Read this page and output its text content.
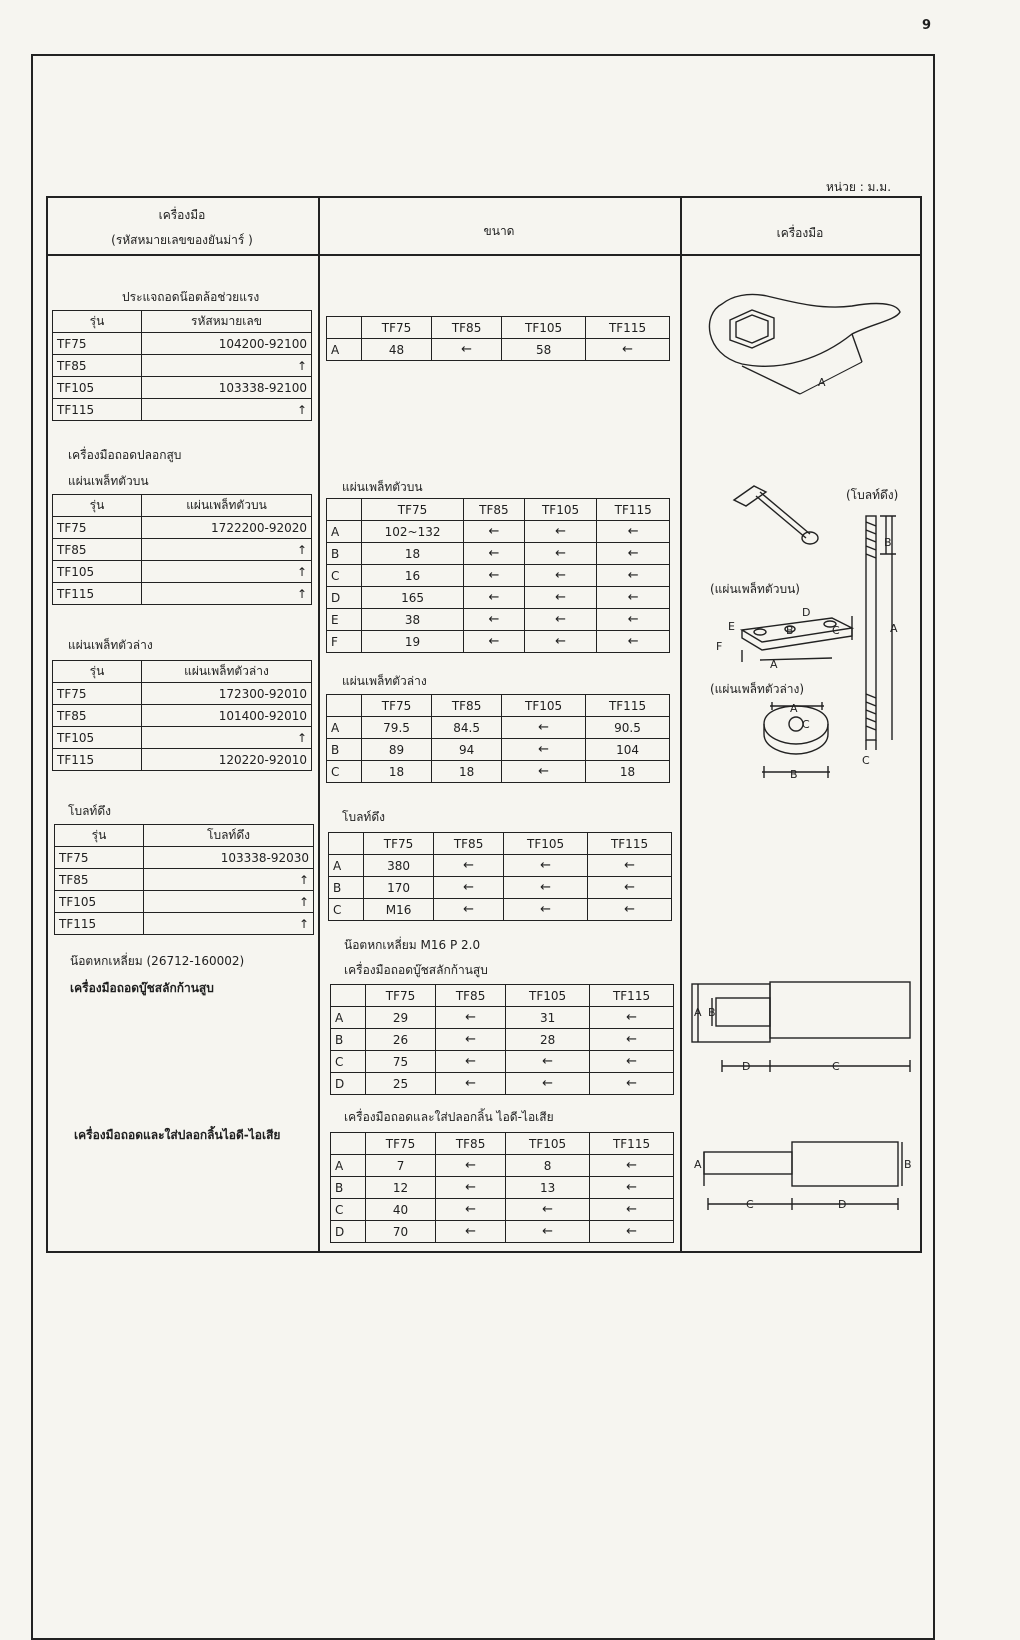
9
หน่วย : ม.ม.
เครื่องมือ
(รหัสหมายเลขของยันม่าร์ )
ขนาด	เครื่องมือ
ประแจถอดน๊อตล้อช่วยแรง
รุ่น	รหัสหมายเลข
TF75	104200-92100
TF85	↑
TF105	103338-92100
TF115	↑
เครื่องมือถอดปลอกสูบ
แผ่นเพล็ทตัวบน
รุ่น	แผ่นเพล็ทตัวบน
TF75	1722200-92020
TF85	↑
TF105	↑
TF115	↑
แผ่นเพล็ทตัวล่าง
รุ่น	แผ่นเพล็ทตัวล่าง
TF75	172300-92010
TF85	101400-92010
TF105	↑
TF115	120220-92010
โบลท์ดึง
รุ่น	โบลท์ดึง
TF75	103338-92030
TF85	↑
TF105	↑
TF115	↑
น๊อตหกเหลี่ยม (26712-160002)
เครื่องมือถอดบู๊ชสลักก้านสูบ
เครื่องมือถอดและใส่ปลอกลิ้นไอดี-ไอเสีย
	TF75	TF85	TF105	TF115
A	48	←	58	←
แผ่นเพล็ทตัวบน
	TF75	TF85	TF105	TF115
A	102~132	←	←	←
B	18	←	←	←
C	16	←	←	←
D	165	←	←	←
E	38	←	←	←
F	19	←	←	←
แผ่นเพล็ทตัวล่าง
	TF75	TF85	TF105	TF115
A	79.5	84.5	←	90.5
B	89	94	←	104
C	18	18	←	18
โบลท์ดึง
	TF75	TF85	TF105	TF115
A	380	←	←	←
B	170	←	←	←
C	M16	←	←	←
น๊อตหกเหลี่ยม M16 P 2.0
เครื่องมือถอดบู๊ชสลักก้านสูบ
	TF75	TF85	TF105	TF115
A	29	←	31	←
B	26	←	28	←
C	75	←	←	←
D	25	←	←	←
เครื่องมือถอดและใส่ปลอกลิ้น ไอดี-ไอเสีย
	TF75	TF85	TF105	TF115
A	7	←	8	←
B	12	←	13	←
C	40	←	←	←
D	70	←	←	←
A
B
A
C
D
E
F
B	C
A
A
C
B
A B
D	C
A	B
C	D
(โบลท์ดึง)
(แผ่นเพล็ทตัวบน)
(แผ่นเพล็ทตัวล่าง)
